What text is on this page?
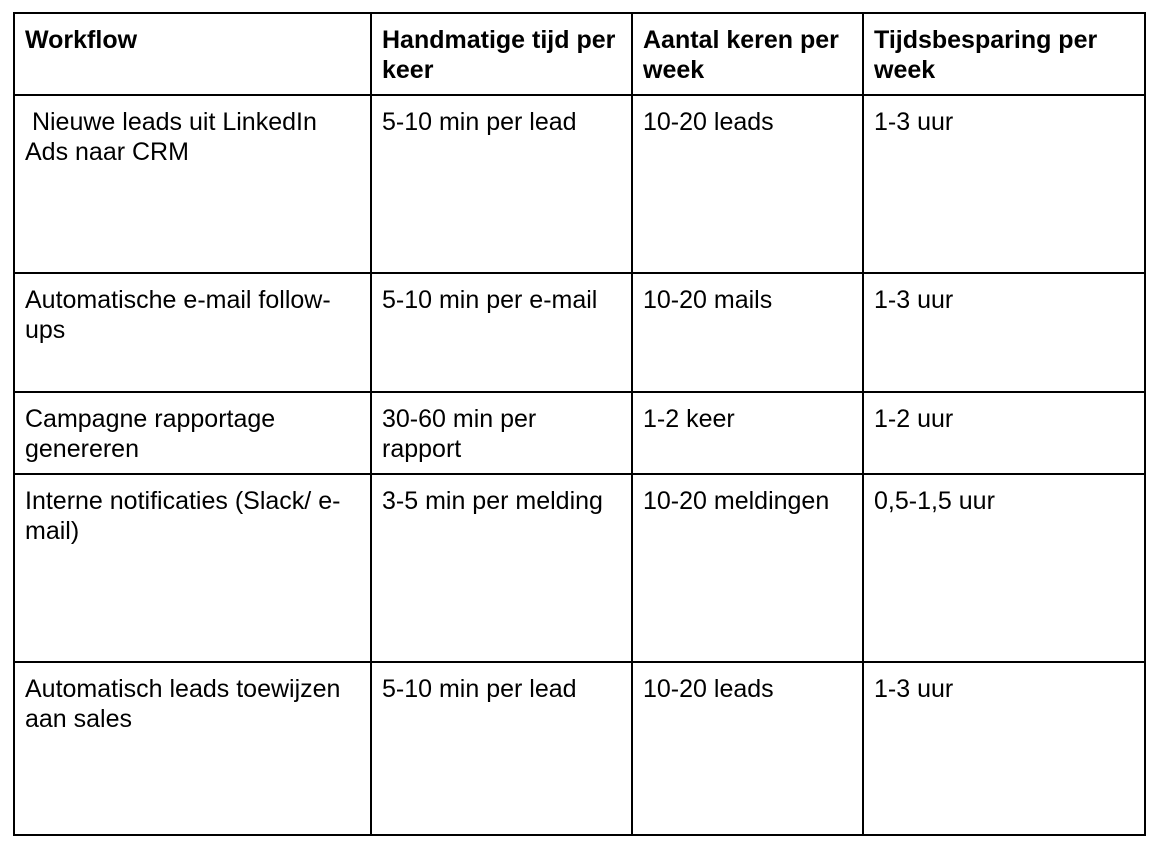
Workflow	Handmatige tijd per keer	Aantal keren per week	Tijdsbesparing per week

Nieuwe leads uit LinkedIn Ads naar CRM	5-10 min per lead	10-20 leads	1-3 uur
Automatische e-mail follow-ups	5-10 min per e-mail	10-20 mails	1-3 uur
Campagne rapportage genereren	30-60 min per rapport	1-2 keer	1-2 uur
Interne notificaties (Slack/ e-mail)	3-5 min per melding	10-20 meldingen	0,5-1,5 uur
Automatisch leads toewijzen aan sales	5-10 min per lead	10-20 leads	1-3 uur
